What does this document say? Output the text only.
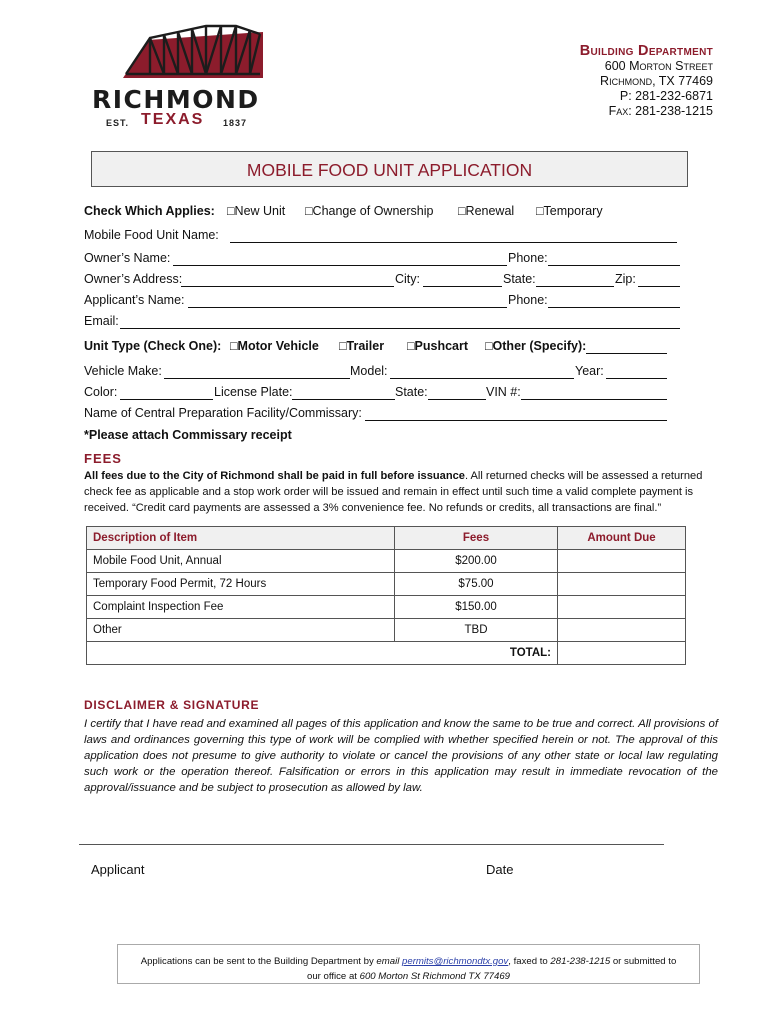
RICHMOND
EST. TEXAS 1837
Building Department
600 Morton Street
Richmond, TX 77469
P: 281-232-6871
Fax: 281-238-1215
MOBILE FOOD UNIT APPLICATION
Check Which Applies: □New Unit □Change of Ownership □Renewal □Temporary
Mobile Food Unit Name:
Owner’s Name:	Phone:
Owner’s Address:	City:	State:	Zip:
Applicant’s Name:	Phone:
Email:
Unit Type (Check One): □Motor Vehicle □Trailer □Pushcart □Other (Specify):
Vehicle Make:	Model:	Year:
Color:	License Plate:	State:	VIN #:
Name of Central Preparation Facility/Commissary:
*Please attach Commissary receipt
FEES
All fees due to the City of Richmond shall be paid in full before issuance. All returned checks will be assessed a returned check fee as applicable and a stop work order will be issued and remain in effect until such time a valid complete payment is received. “Credit card payments are assessed a 3% convenience fee. No refunds or credits, all transactions are final.”
Description of Item	Fees	Amount Due
Mobile Food Unit, Annual	$200.00	
Temporary Food Permit, 72 Hours	$75.00	
Complaint Inspection Fee	$150.00	
Other	TBD	
TOTAL:		
DISCLAIMER & SIGNATURE
I certify that I have read and examined all pages of this application and know the same to be true and correct. All provisions of laws and ordinances governing this type of work will be complied with whether specified herein or not. The approval of this application does not presume to give authority to violate or cancel the provisions of any other state or local law regulating such work or the operation thereof. Falsification or errors in this application may result in immediate revocation of the approval/issuance and be subject to prosecution as allowed by law.
Applicant	Date
Applications can be sent to the Building Department by email permits@richmondtx.gov, faxed to 281-238-1215 or submitted to
our office at 600 Morton St Richmond TX 77469
